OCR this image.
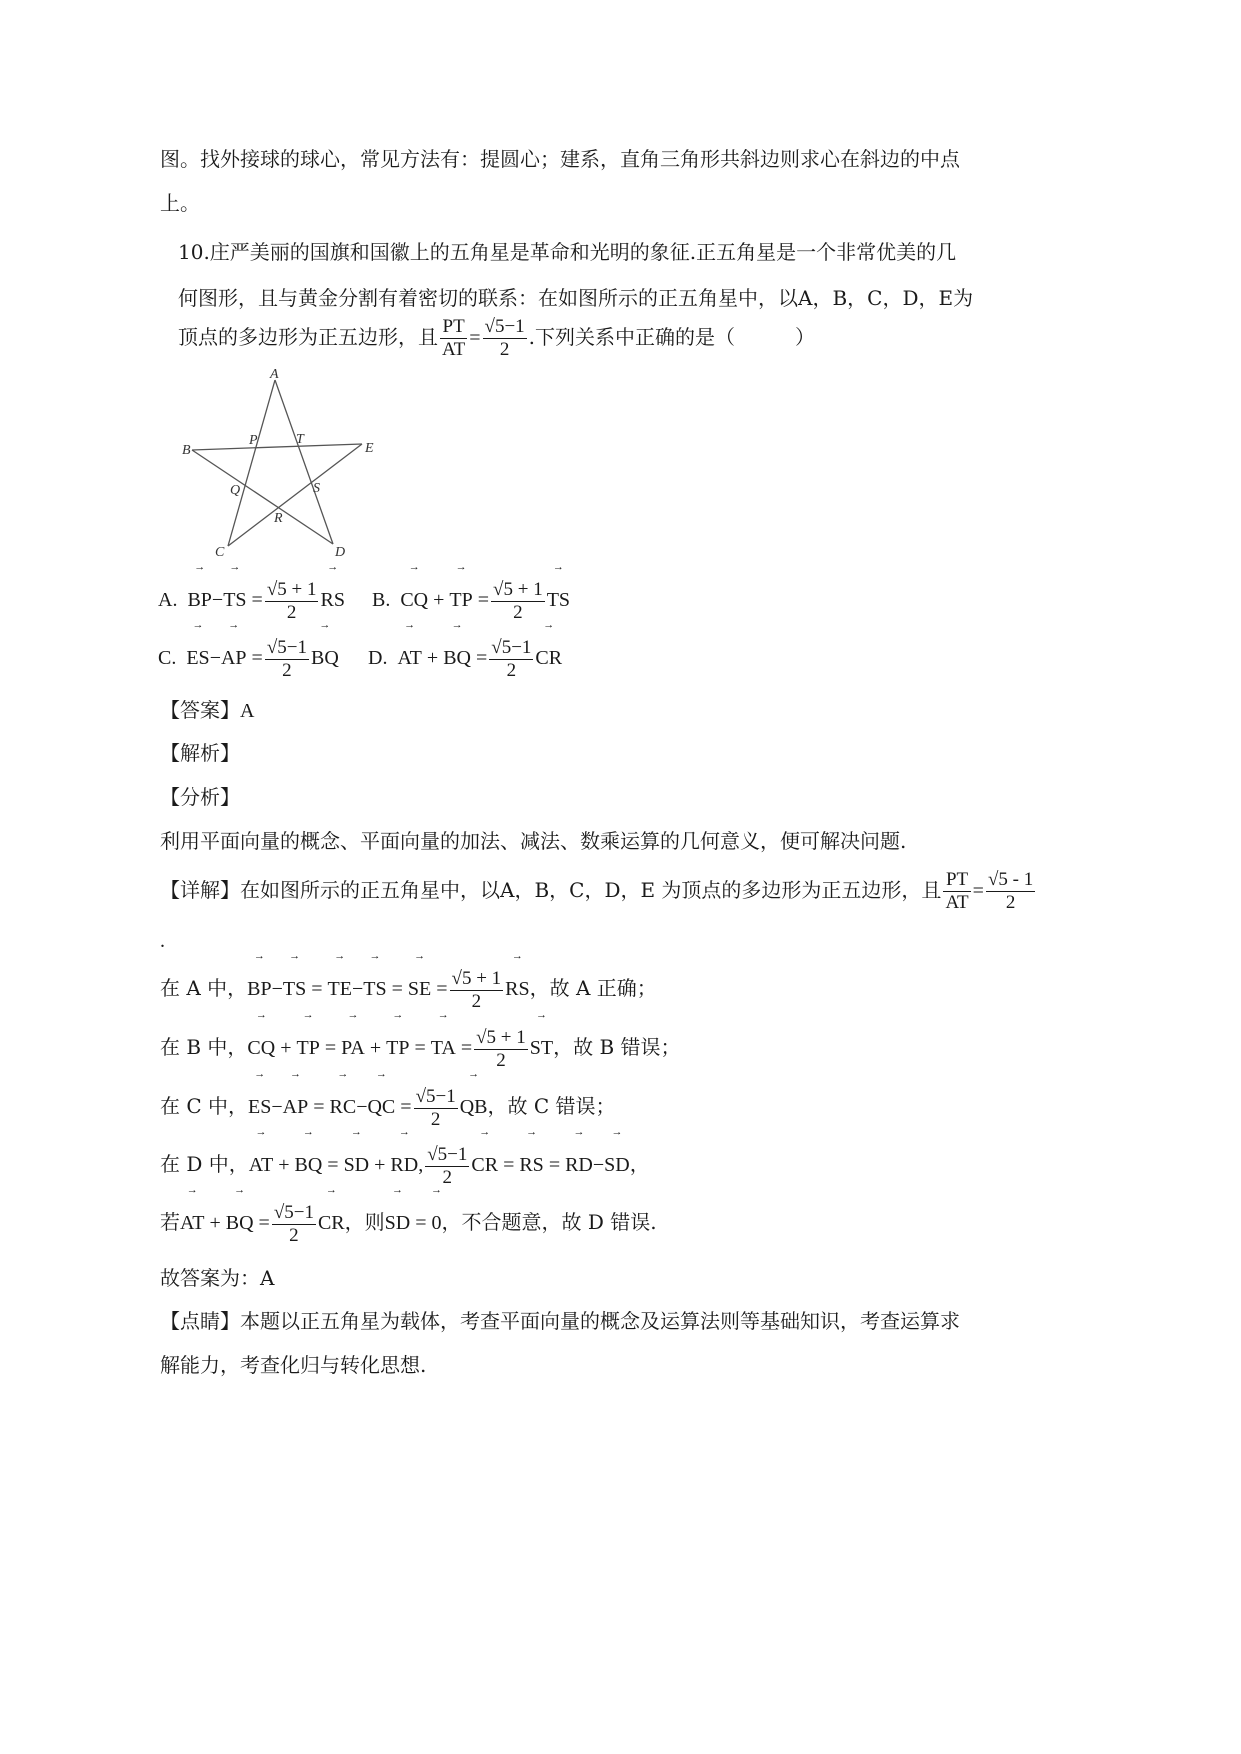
图。找外接球的球心，常见方法有：提圆心；建系，直角三角形共斜边则求心在斜边的中点
上。
10.庄严美丽的国旗和国徽上的五角星是革命和光明的象征.正五角星是一个非常优美的几
何图形，且与黄金分割有着密切的联系：在如图所示的正五角星中，以A，B，C，D，E为
顶点的多边形为正五边形，且 $\frac{PT}{AT} = \frac{√5-1}{2}$ .下列关系中正确的是（　　　）
A
B
C	D
E
P	T
Q	S
R
A. → BP−→ TS = $\frac{√5 + 1}{2}$ → RS B. → CQ + → TP = $\frac{√5 + 1}{2}$ → TS
C. → ES−→ AP = $\frac{√5-1}{2}$ → BQ D. → AT + → BQ = $\frac{√5-1}{2}$ → CR
【答案】A
【解析】
【分析】
利用平面向量的概念、平面向量的加法、减法、数乘运算的几何意义，便可解决问题.
【详解】在如图所示的正五角星中，以A，B，C，D，E 为顶点的多边形为正五边形，且 $\frac{PT}{AT} = \frac{√5 - 1}{2}$
.
在 A 中，→ BP−→ TS = → TE−→ TS = → SE = $\frac{√5 + 1}{2}$ → RS，故 A 正确；
在 B 中，→ CQ + → TP = → PA + → TP = → TA = $\frac{√5 + 1}{2}$ → ST，故 B 错误；
在 C 中，→ ES−→ AP = → RC−→ QC = $\frac{√5-1}{2}$ → QB，故 C 错误；
在 D 中，→ AT + → BQ = → SD + → RD, $\frac{√5-1}{2}$ → CR = → RS = → RD−→ SD，
若→ AT + → BQ = $\frac{√5-1}{2}$ → CR，则→ SD = → 0，不合题意，故 D 错误.
故答案为：A
【点睛】本题以正五角星为载体，考查平面向量的概念及运算法则等基础知识，考查运算求
解能力，考查化归与转化思想.
